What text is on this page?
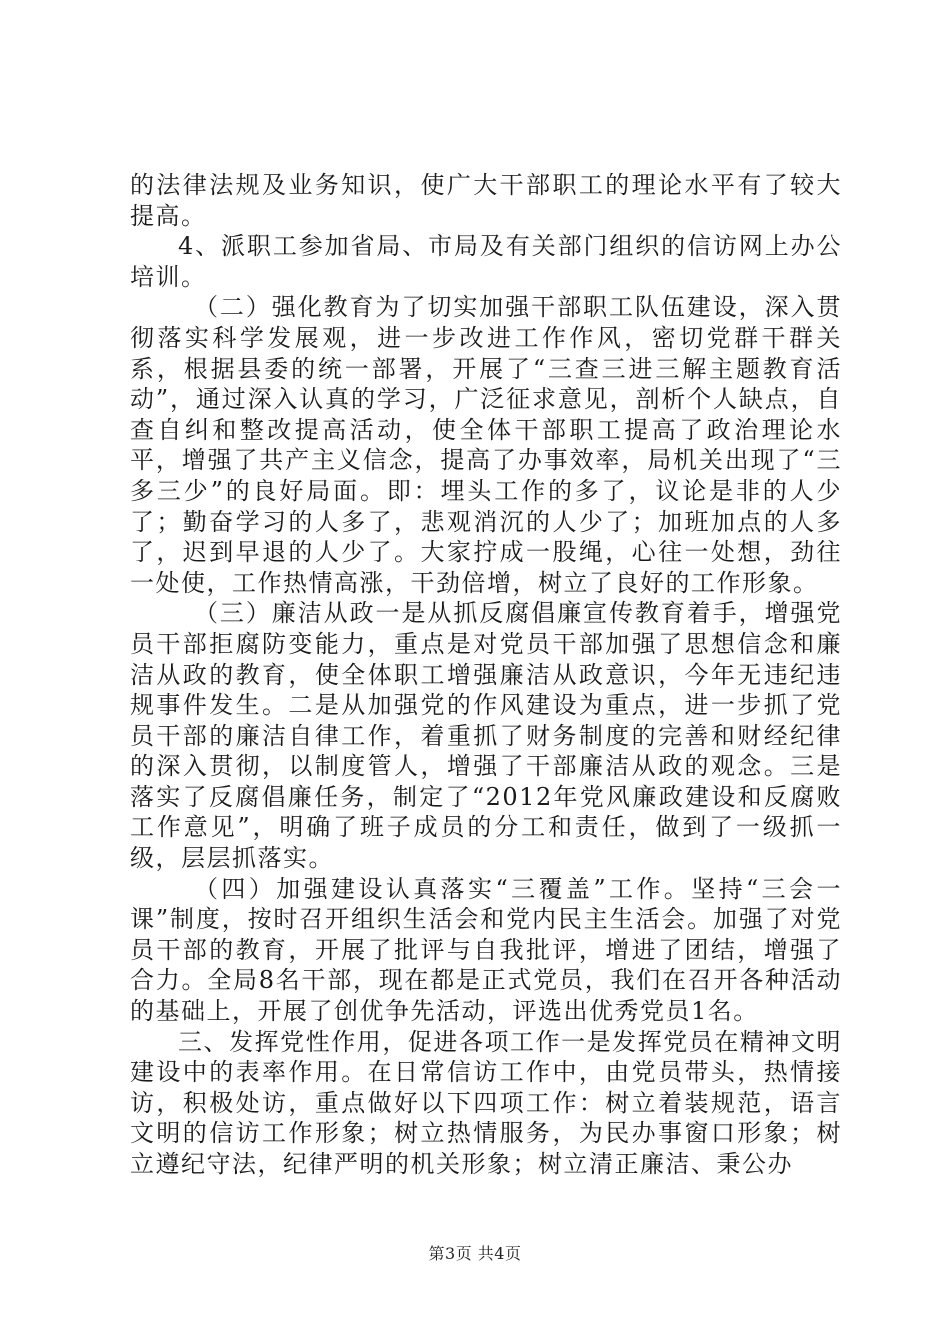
的法律法规及业务知识，使广大干部职工的理论水平有了较大提高。

4、派职工参加省局、市局及有关部门组织的信访网上办公培训。

（二）强化教育为了切实加强干部职工队伍建设，深入贯彻落实科学发展观，进一步改进工作作风，密切党群干群关系，根据县委的统一部署，开展了“三查三进三解主题教育活动”，通过深入认真的学习，广泛征求意见，剖析个人缺点，自查自纠和整改提高活动，使全体干部职工提高了政治理论水平，增强了共产主义信念，提高了办事效率，局机关出现了“三多三少”的良好局面。即：埋头工作的多了，议论是非的人少了；勤奋学习的人多了，悲观消沉的人少了；加班加点的人多了，迟到早退的人少了。大家拧成一股绳，心往一处想，劲往一处使，工作热情高涨，干劲倍增，树立了良好的工作形象。

（三）廉洁从政一是从抓反腐倡廉宣传教育着手，增强党员干部拒腐防变能力，重点是对党员干部加强了思想信念和廉洁从政的教育，使全体职工增强廉洁从政意识，今年无违纪违规事件发生。二是从加强党的作风建设为重点，进一步抓了党员干部的廉洁自律工作，着重抓了财务制度的完善和财经纪律的深入贯彻，以制度管人，增强了干部廉洁从政的观念。三是落实了反腐倡廉任务，制定了“2012年党风廉政建设和反腐败工作意见”，明确了班子成员的分工和责任，做到了一级抓一级，层层抓落实。

（四）加强建设认真落实“三覆盖”工作。坚持“三会一课”制度，按时召开组织生活会和党内民主生活会。加强了对党员干部的教育，开展了批评与自我批评，增进了团结，增强了合力。全局8名干部，现在都是正式党员，我们在召开各种活动的基础上，开展了创优争先活动，评选出优秀党员1名。

三、发挥党性作用，促进各项工作一是发挥党员在精神文明建设中的表率作用。在日常信访工作中，由党员带头，热情接访，积极处访，重点做好以下四项工作：树立着装规范，语言文明的信访工作形象；树立热情服务，为民办事窗口形象；树立遵纪守法，纪律严明的机关形象；树立清正廉洁、秉公办

第3页 共4页
